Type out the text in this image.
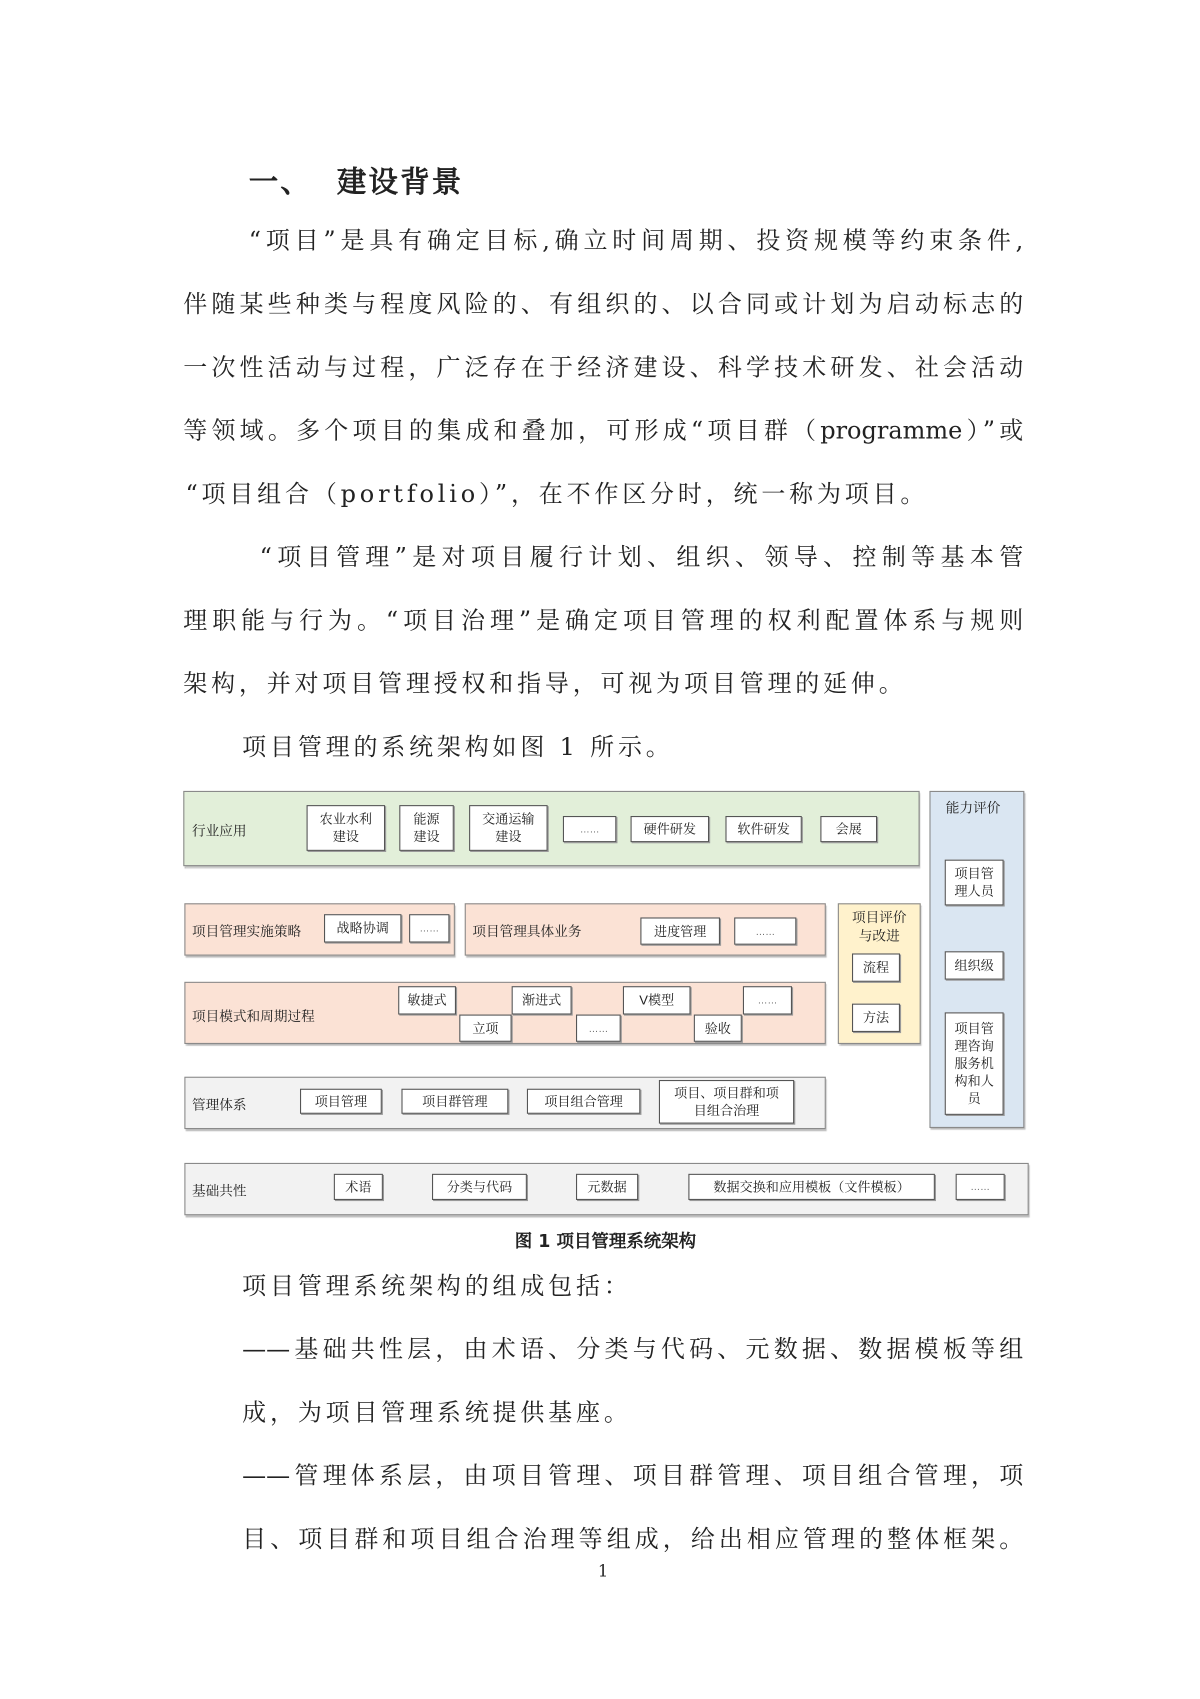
一、  建设背景
“项目”是具有确定目标,确立时间周期、投资规模等约束条件,
伴随某些种类与程度风险的、有组织的、以合同或计划为启动标志的
一次性活动与过程，广泛存在于经济建设、科学技术研发、社会活动
等领域。多个项目的集成和叠加，可形成“项目群（programme）”或
“项目组合（portfolio）”，在不作区分时，统一称为项目。
“项目管理”是对项目履行计划、组织、领导、控制等基本管
理职能与行为。“项目治理”是确定项目管理的权利配置体系与规则
架构，并对项目管理授权和指导，可视为项目管理的延伸。
项目管理的系统架构如图 1 所示。
行业应用
农业水利建设
能源建设
交通运输建设
……	硬件研发	软件研发	会展
能力评价
项目管理人员
组织级
项目管理咨询服务机构和人员
项目管理实施策略	战略协调	……	项目管理具体业务	进度管理	……
项目评价与改进
流程
方法
项目模式和周期过程
敏捷式
立项
渐进式
……
V模型
验收
……
管理体系	项目管理	项目群管理	项目组合管理
项目、项目群和项目组合治理
基础共性	术语	分类与代码	元数据	数据交换和应用模板（文件模板）	……
图 1 项目管理系统架构
项目管理系统架构的组成包括：
——基础共性层，由术语、分类与代码、元数据、数据模板等组
成，为项目管理系统提供基座。
——管理体系层，由项目管理、项目群管理、项目组合管理，项
目、项目群和项目组合治理等组成，给出相应管理的整体框架。
1
